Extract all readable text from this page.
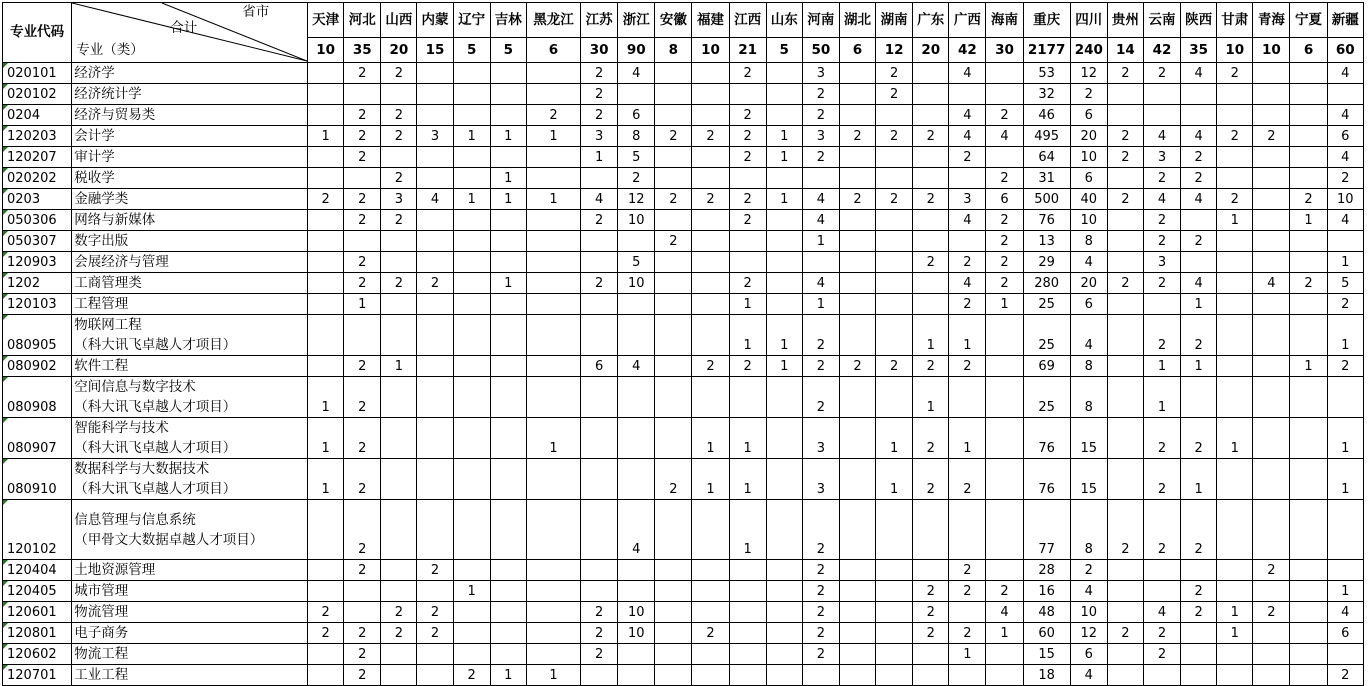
专业代码	省市
合计
专业（类）	天津	河北	山西	内蒙	辽宁	吉林	黑龙江	江苏	浙江	安徽	福建	江西	山东	河南	湖北	湖南	广东	广西	海南	重庆	四川	贵州	云南	陕西	甘肃	青海	宁夏	新疆
		10	35	20	15	5	5	6	30	90	8	10	21	5	50	6	12	20	42	30	2177	240	14	42	35	10	10	6	60
020101	经济学		2	2					2	4			2		3		2		4		53	12	2	2	4	2			4
020102	经济统计学								2						2		2				32	2							
0204	经济与贸易类		2	2				2	2	6			2		2				4	2	46	6							4
120203	会计学	1	2	2	3	1	1	1	3	8	2	2	2	1	3	2	2	2	4	4	495	20	2	4	4	2	2		6
120207	审计学		2						1	5			2	1	2				2		64	10	2	3	2				4
020202	税收学			2			1			2										2	31	6		2	2				2
0203	金融学类	2	2	3	4	1	1	1	4	12	2	2	2	1	4	2	2	2	3	6	500	40	2	4	4	2		2	10
050306	网络与新媒体		2	2					2	10			2		4				4	2	76	10		2		1		1	4
050307	数字出版										2				1					2	13	8		2	2				
120903	会展经济与管理		2							5								2	2	2	29	4		3					1
1202	工商管理类		2	2	2		1		2	10			2		4				4	2	280	20	2	2	4		4	2	5
120103	工程管理		1										1		1				2	1	25	6			1				2
080905	物联网工程
（科大讯飞卓越人才项目）												1	1	2			1	1		25	4		2	2				1
080902	软件工程		2	1					6	4		2	2	1	2	2	2	2	2		69	8		1	1			1	2
080908	空间信息与数字技术
（科大讯飞卓越人才项目）	1	2												2			1			25	8		1					
080907	智能科学与技术
（科大讯飞卓越人才项目）	1	2					1				1	1		3		1	2	1		76	15		2	2	1			1
080910	数据科学与大数据技术
（科大讯飞卓越人才项目）	1	2								2	1	1		3		1	2	2		76	15		2	1				1
120102	信息管理与信息系统
（甲骨文大数据卓越人才项目）		2							4			1		2						77	8	2	2	2				
120404	土地资源管理		2		2										2				2		28	2					2		
120405	城市管理					1									2			2	2	2	16	4			2				1
120601	物流管理	2		2	2				2	10					2			2		4	48	10		4	2	1	2		4
120801	电子商务	2	2	2	2				2	10		2			2			2	2	1	60	12	2	2		1			6
120602	物流工程		2						2						2				1		15	6		2					
120701	工业工程		2			2	1	1													18	4							2
